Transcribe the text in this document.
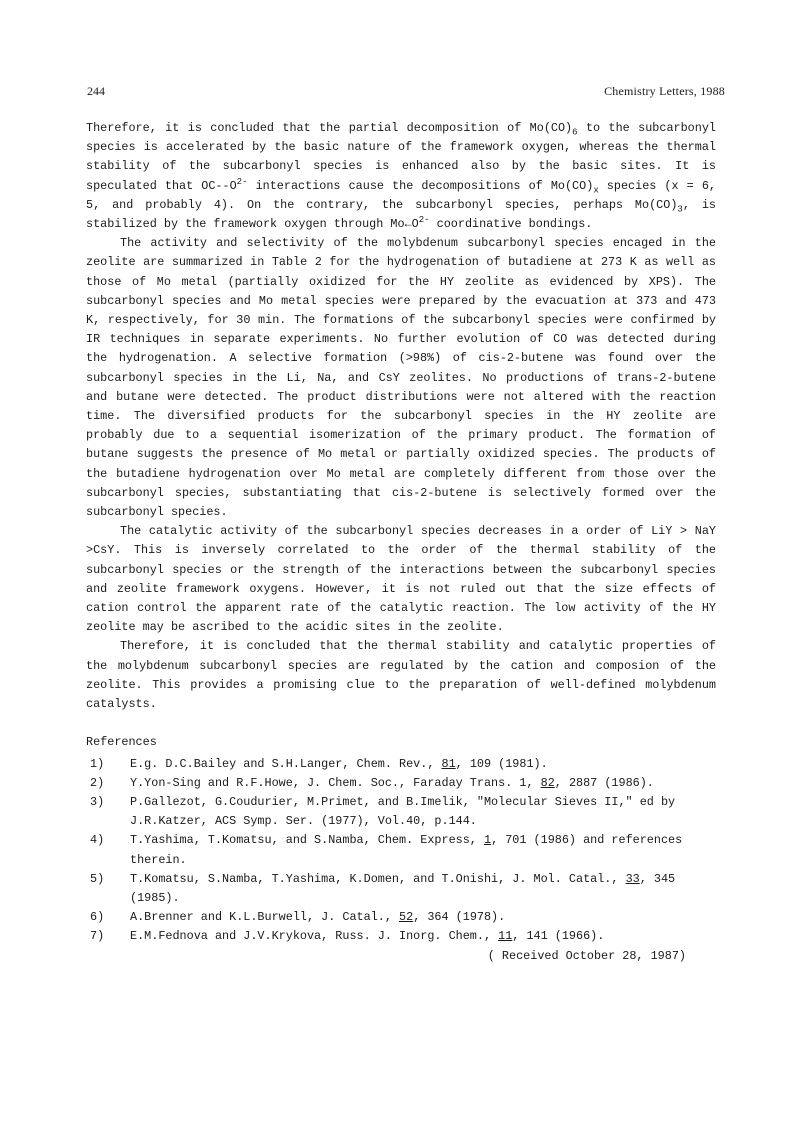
244	Chemistry Letters, 1988

Therefore, it is concluded that the partial decomposition of $Mo(CO)_6$ to the subcarbonyl species is accelerated by the basic nature of the framework oxygen, whereas the thermal stability of the subcarbonyl species is enhanced also by the basic sites. It is speculated that $OC--O^{2-}$ interactions cause the decompositions of $Mo(CO)_x$ species (x = 6, 5, and probably 4). On the contrary, the subcarbonyl species, perhaps $Mo(CO)_3$, is stabilized by the framework oxygen through $Mo\leftarrow O^{2-}$ coordinative bondings.

The activity and selectivity of the molybdenum subcarbonyl species encaged in the zeolite are summarized in Table 2 for the hydrogenation of butadiene at 273 K as well as those of Mo metal (partially oxidized for the HY zeolite as evidenced by XPS). The subcarbonyl species and Mo metal species were prepared by the evacuation at 373 and 473 K, respectively, for 30 min. The formations of the subcarbonyl species were confirmed by IR techniques in separate experiments. No further evolution of CO was detected during the hydrogenation. A selective formation (>98%) of cis-2-butene was found over the subcarbonyl species in the Li, Na, and CsY zeolites. No productions of trans-2-butene and butane were detected. The product distributions were not altered with the reaction time. The diversified products for the subcarbonyl species in the HY zeolite are probably due to a sequential isomerization of the primary product. The formation of butane suggests the presence of Mo metal or partially oxidized species. The products of the butadiene hydrogenation over Mo metal are completely different from those over the subcarbonyl species, substantiating that cis-2-butene is selectively formed over the subcarbonyl species.

The catalytic activity of the subcarbonyl species decreases in a order of LiY > NaY >CsY. This is inversely correlated to the order of the thermal stability of the subcarbonyl species or the strength of the interactions between the subcarbonyl species and zeolite framework oxygens. However, it is not ruled out that the size effects of cation control the apparent rate of the catalytic reaction. The low activity of the HY zeolite may be ascribed to the acidic sites in the zeolite.

Therefore, it is concluded that the thermal stability and catalytic properties of the molybdenum subcarbonyl species are regulated by the cation and composion of the zeolite. This provides a promising clue to the preparation of well-defined molybdenum catalysts.

References

1) E.g. D.C.Bailey and S.H.Langer, Chem. Rev., 81, 109 (1981).
2) Y.Yon-Sing and R.F.Howe, J. Chem. Soc., Faraday Trans. 1, 82, 2887 (1986).
3) P.Gallezot, G.Coudurier, M.Primet, and B.Imelik, "Molecular Sieves II," ed by J.R.Katzer, ACS Symp. Ser. (1977), Vol.40, p.144.
4) T.Yashima, T.Komatsu, and S.Namba, Chem. Express, 1, 701 (1986) and references therein.
5) T.Komatsu, S.Namba, T.Yashima, K.Domen, and T.Onishi, J. Mol. Catal., 33, 345 (1985).
6) A.Brenner and K.L.Burwell, J. Catal., 52, 364 (1978).
7) E.M.Fednova and J.V.Krykova, Russ. J. Inorg. Chem., 11, 141 (1966).
( Received October 28, 1987)
